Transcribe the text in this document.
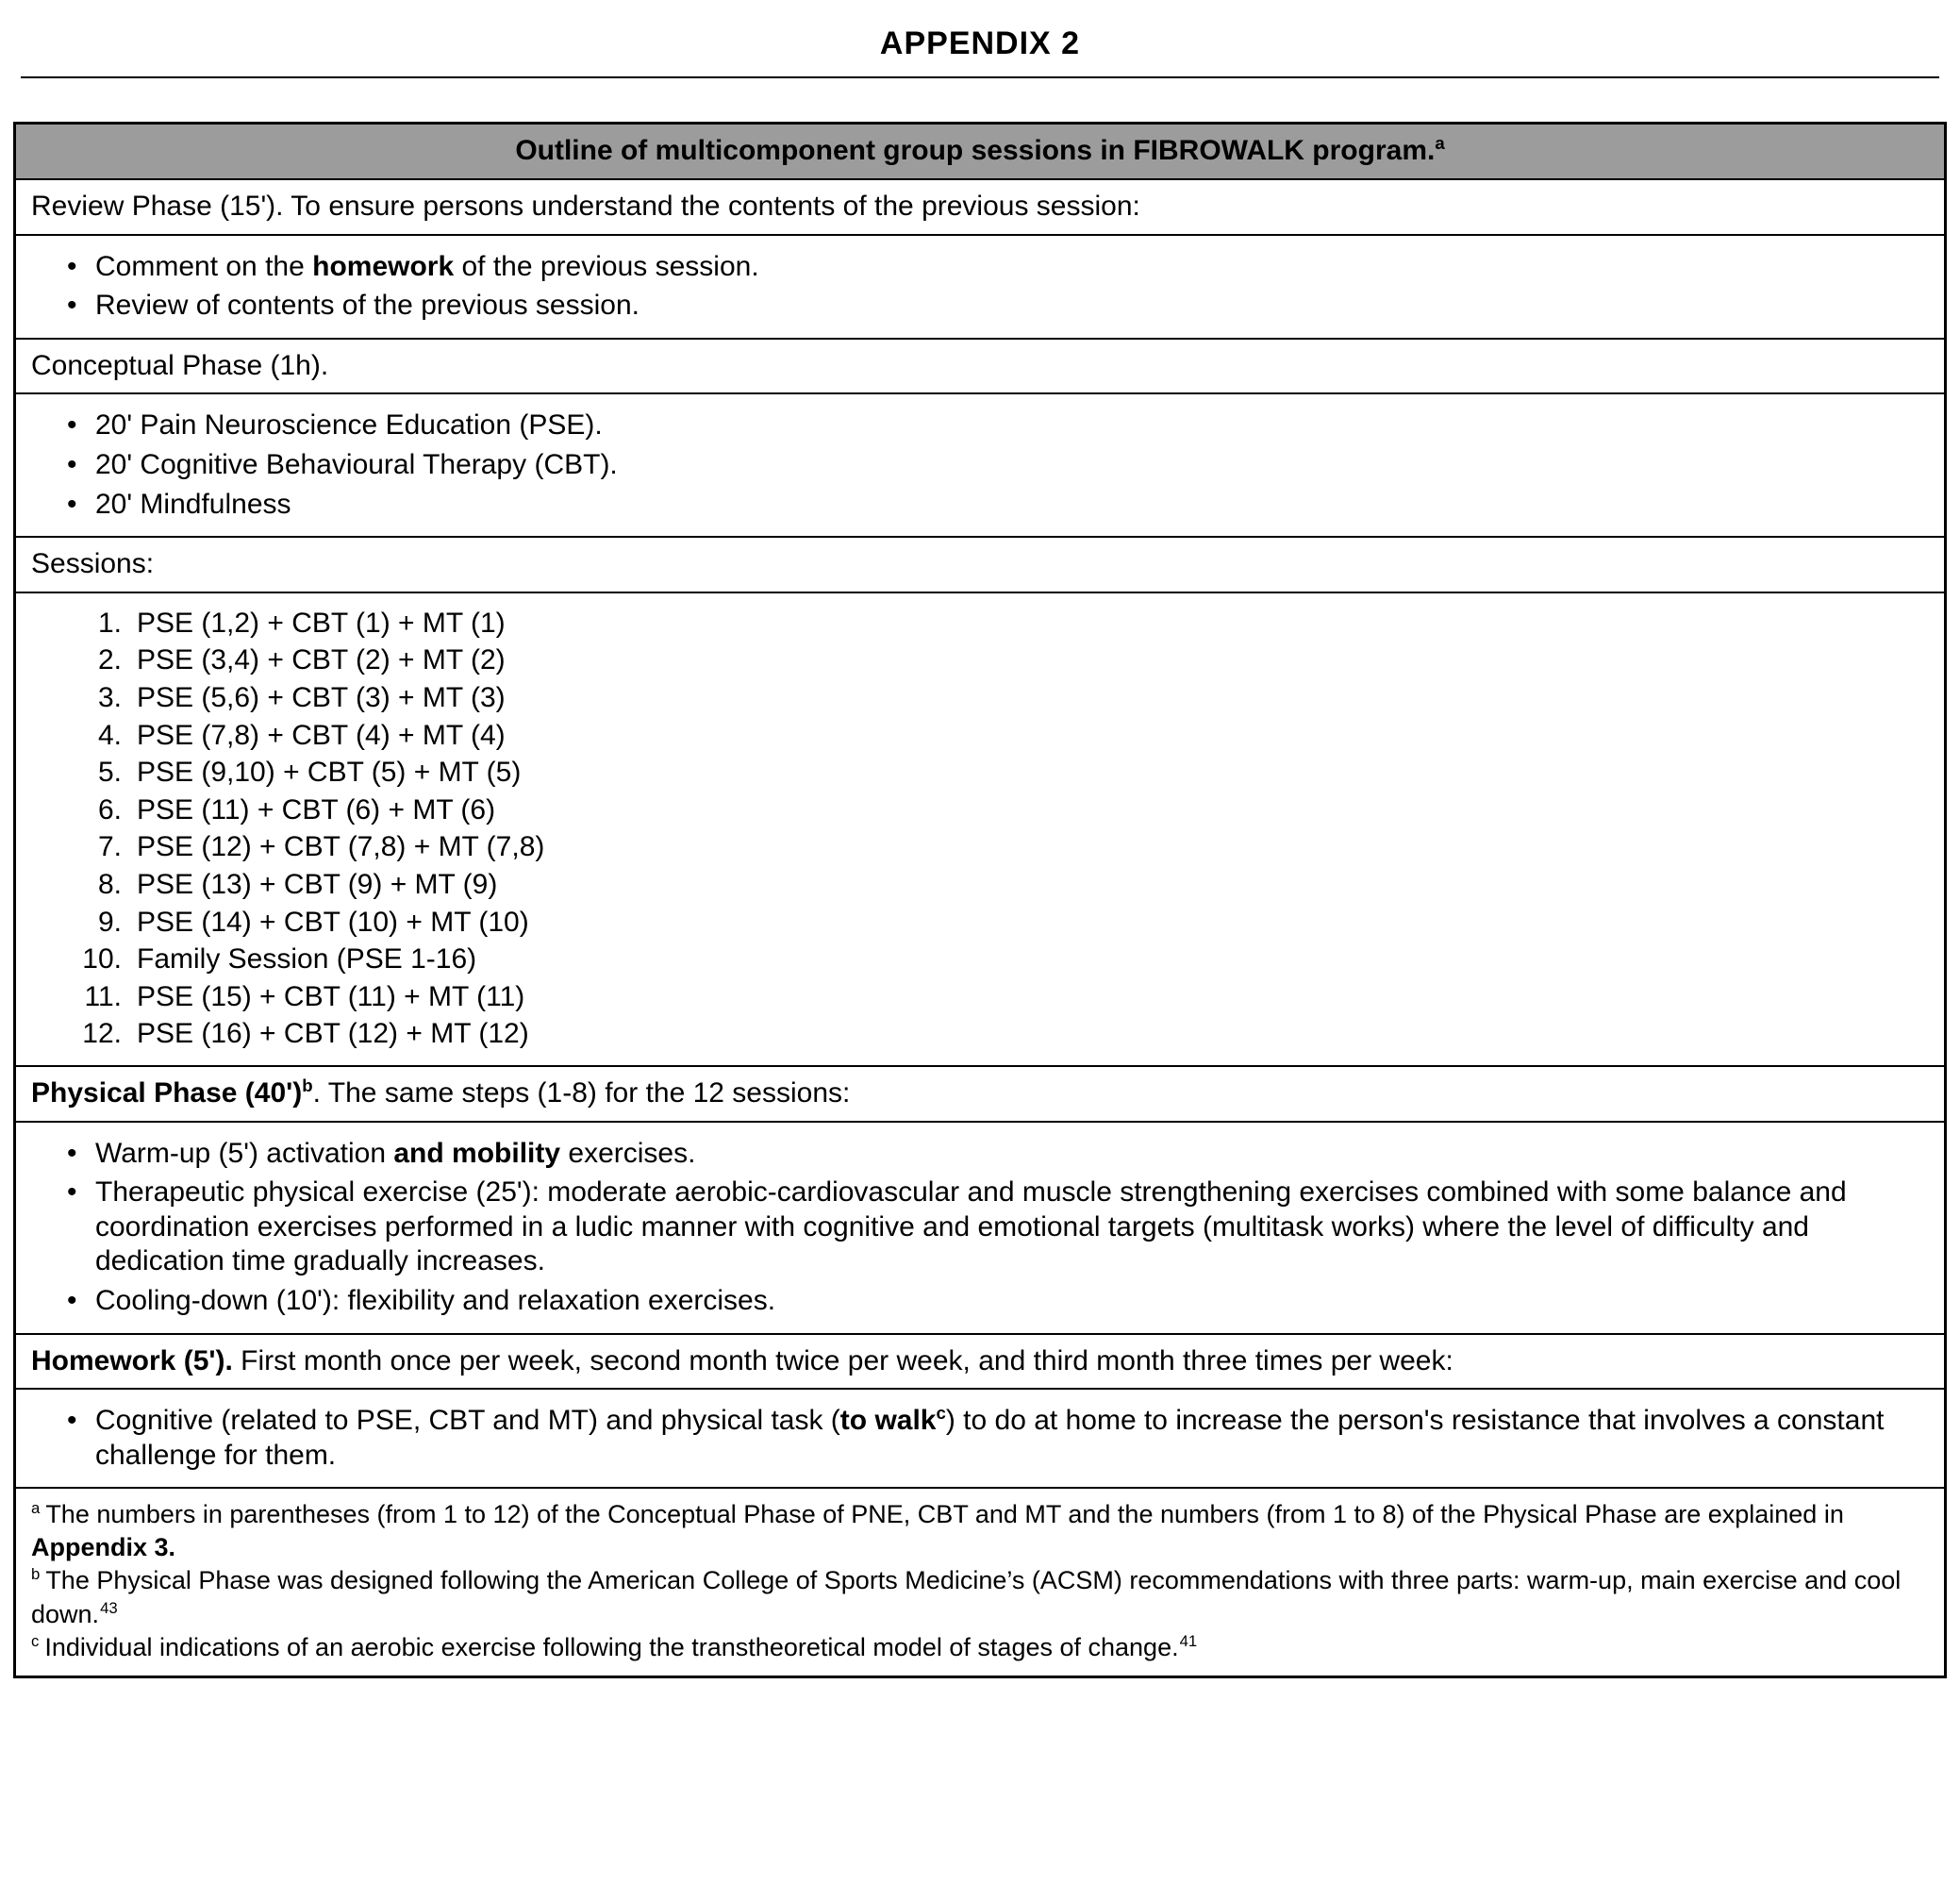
APPENDIX 2
Outline of multicomponent group sessions in FIBROWALK program.$^a$
Review Phase (15'). To ensure persons understand the contents of the previous session:
• Comment on the homework of the previous session.
• Review of contents of the previous session.
Conceptual Phase (1h).
• 20' Pain Neuroscience Education (PSE).
• 20' Cognitive Behavioural Therapy (CBT).
• 20' Mindfulness
Sessions:
1. PSE (1,2) + CBT (1) + MT (1)
2. PSE (3,4) + CBT (2) + MT (2)
3. PSE (5,6) + CBT (3) + MT (3)
4. PSE (7,8) + CBT (4) + MT (4)
5. PSE (9,10) + CBT (5) + MT (5)
6. PSE (11) + CBT (6) + MT (6)
7. PSE (12) + CBT (7,8) + MT (7,8)
8. PSE (13) + CBT (9) + MT (9)
9. PSE (14) + CBT (10) + MT (10)
10. Family Session (PSE 1-16)
11. PSE (15) + CBT (11) + MT (11)
12. PSE (16) + CBT (12) + MT (12)
Physical Phase $(40')^b$. The same steps (1-8) for the 12 sessions:
• Warm-up (5') activation and mobility exercises.
• Therapeutic physical exercise (25'): moderate aerobic-cardiovascular and muscle strengthening exercises combined with some balance and coordination exercises performed in a ludic manner with cognitive and emotional targets (multitask works) where the level of difficulty and dedication time gradually increases.
• Cooling-down (10'): flexibility and relaxation exercises.
Homework (5'). First month once per week, second month twice per week, and third month three times per week:
• Cognitive (related to PSE, CBT and MT) and physical task (to walk$^c$) to do at home to increase the person's resistance that involves a constant challenge for them.

$^a$ The numbers in parentheses (from 1 to 12) of the Conceptual Phase of PNE, CBT and MT and the numbers (from 1 to 8) of the Physical Phase are explained in Appendix 3.

$^b$ The Physical Phase was designed following the American College of Sports Medicine’s (ACSM) recommendations with three parts: warm-up, main exercise and cool down.$^{43}$

$^c$ Individual indications of an aerobic exercise following the transtheoretical model of stages of change.$^{41}$
